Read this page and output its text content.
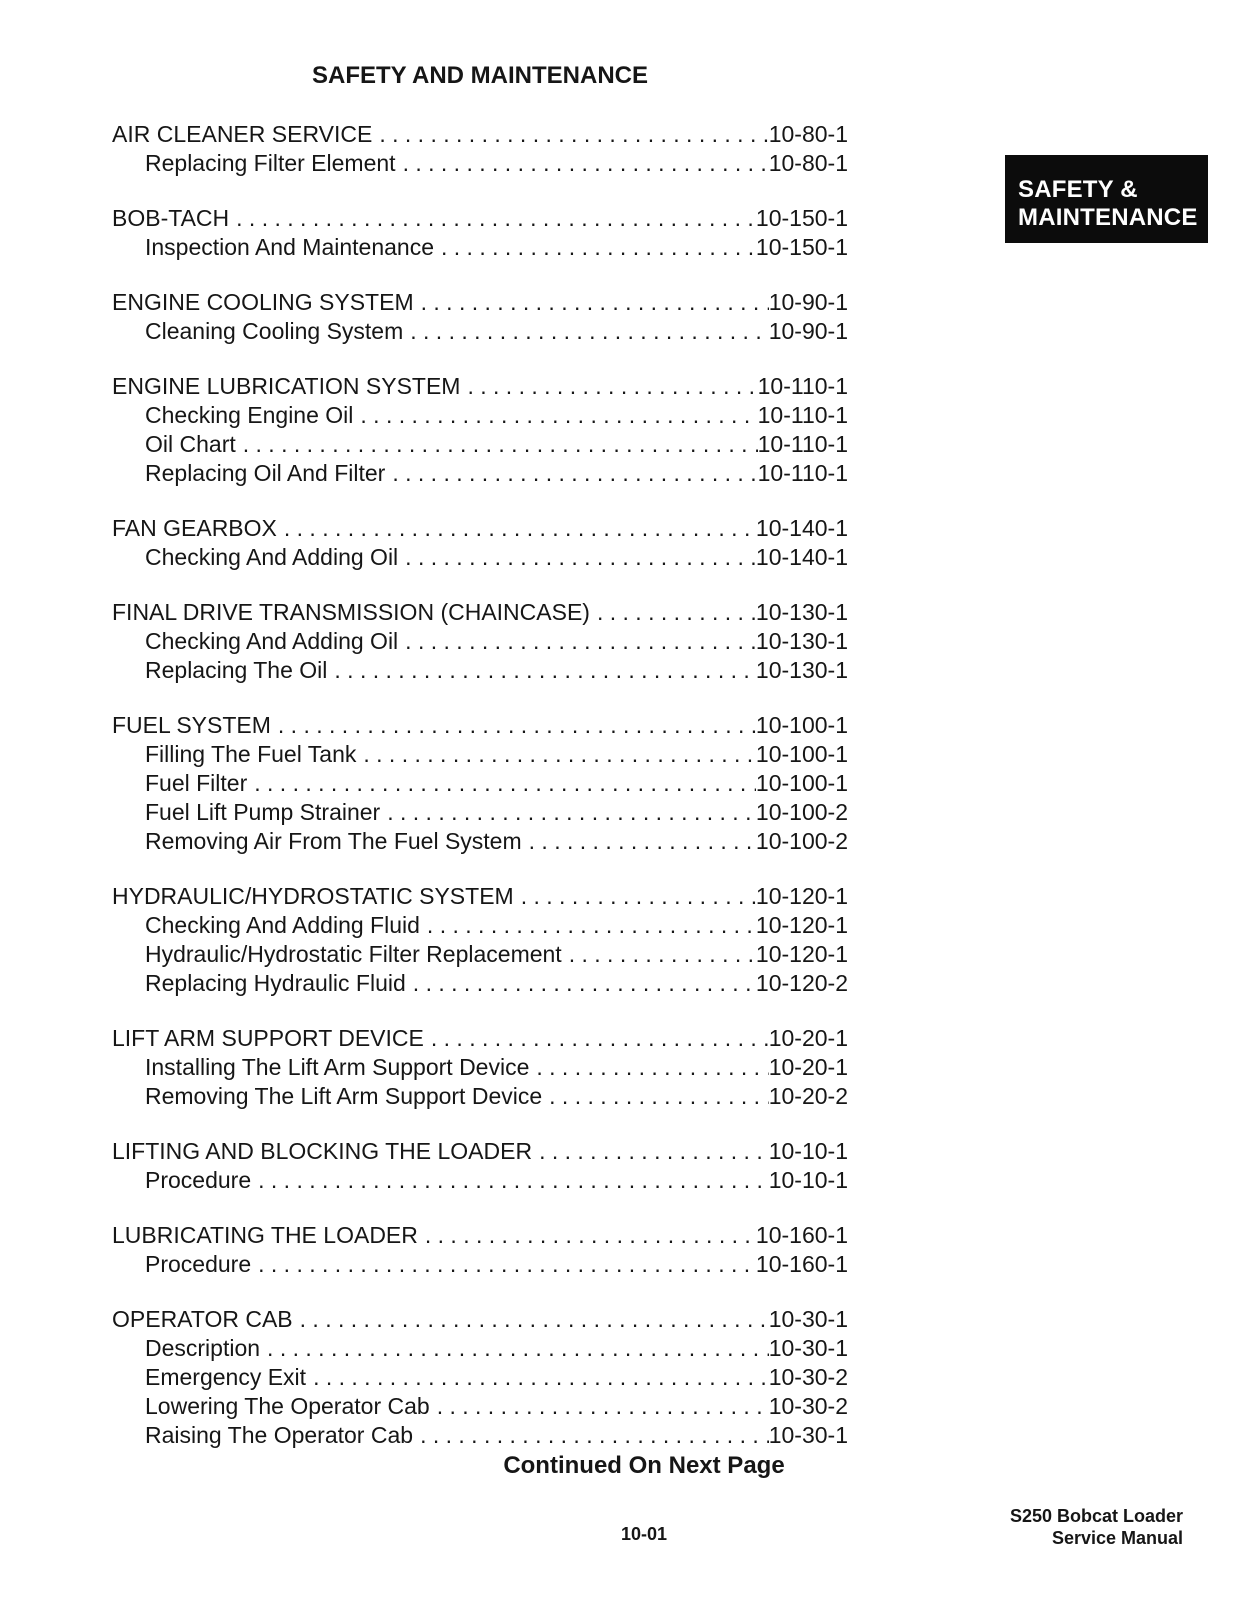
SAFETY AND MAINTENANCE
AIR CLEANER SERVICE . . .	10-80-1
Replacing Filter Element . . .	10-80-1
BOB-TACH . . .	10-150-1
Inspection And Maintenance . . .	10-150-1
ENGINE COOLING SYSTEM . . .	10-90-1
Cleaning Cooling System . . .	10-90-1
ENGINE LUBRICATION SYSTEM . . .	10-110-1
Checking Engine Oil . . .	10-110-1
Oil Chart . . .	10-110-1
Replacing Oil And Filter . . .	10-110-1
FAN GEARBOX . . .	10-140-1
Checking And Adding Oil . . .	10-140-1
FINAL DRIVE TRANSMISSION (CHAINCASE) . . .	10-130-1
Checking And Adding Oil . . .	10-130-1
Replacing The Oil . . .	10-130-1
FUEL SYSTEM . . .	10-100-1
Filling The Fuel Tank . . .	10-100-1
Fuel Filter . . .	10-100-1
Fuel Lift Pump Strainer . . .	10-100-2
Removing Air From The Fuel System . . .	10-100-2
HYDRAULIC/HYDROSTATIC SYSTEM . . .	10-120-1
Checking And Adding Fluid . . .	10-120-1
Hydraulic/Hydrostatic Filter Replacement . . .	10-120-1
Replacing Hydraulic Fluid . . .	10-120-2
LIFT ARM SUPPORT DEVICE . . .	10-20-1
Installing The Lift Arm Support Device . . .	10-20-1
Removing The Lift Arm Support Device . . .	10-20-2
LIFTING AND BLOCKING THE LOADER . . .	10-10-1
Procedure . . .	10-10-1
LUBRICATING THE LOADER . . .	10-160-1
Procedure . . .	10-160-1
OPERATOR CAB . . .	10-30-1
Description . . .	10-30-1
Emergency Exit . . .	10-30-2
Lowering The Operator Cab . . .	10-30-2
Raising The Operator Cab . . .	10-30-1
Continued On Next Page
SAFETY &
MAINTENANCE
10-01
S250 Bobcat Loader
Service Manual
